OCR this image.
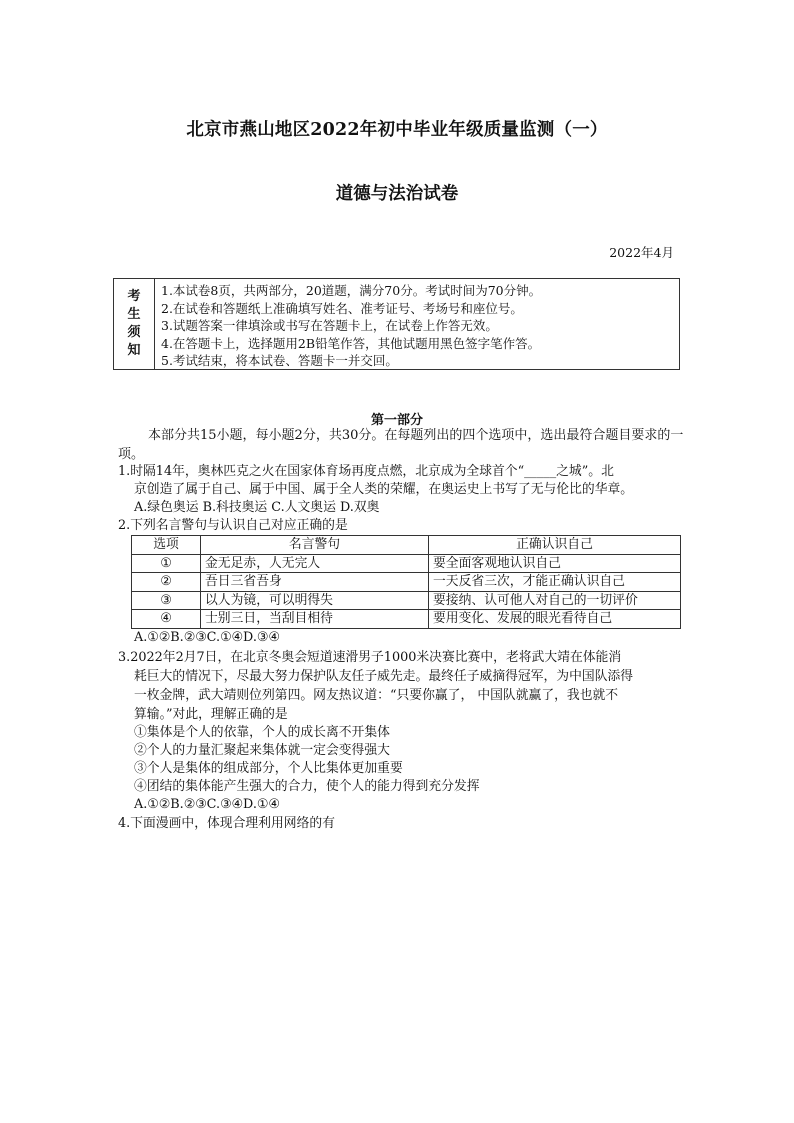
北京市燕山地区2022年初中毕业年级质量监测（一）
道德与法治试卷
2022年4月
考
生
须
知
1.本试卷8页，共两部分，20道题，满分70分。考试时间为70分钟。
2.在试卷和答题纸上准确填写姓名、准考证号、考场号和座位号。
3.试题答案一律填涂或书写在答题卡上，在试卷上作答无效。
4.在答题卡上，选择题用2B铅笔作答，其他试题用黑色签字笔作答。
5.考试结束，将本试卷、答题卡一并交回。
第一部分
本部分共15小题，每小题2分，共30分。在每题列出的四个选项中，选出最符合题目要求的一项。
1.时隔14年，奥林匹克之火在国家体育场再度点燃，北京成为全球首个“_____之城”。北
京创造了属于自己、属于中国、属于全人类的荣耀，在奥运史上书写了无与伦比的华章。
A.绿色奥运 B.科技奥运 C.人文奥运 D.双奥
2.下列名言警句与认识自己对应正确的是
选项	名言警句	正确认识自己
①	金无足赤，人无完人	要全面客观地认识自己
②	吾日三省吾身	一天反省三次，才能正确认识自己
③	以人为镜，可以明得失	要接纳、认可他人对自己的一切评价
④	士别三日，当刮目相待	要用变化、发展的眼光看待自己
A.①②B.②③C.①④D.③④
3.2022年2月7日，在北京冬奥会短道速滑男子1000米决赛比赛中，老将武大靖在体能消
耗巨大的情况下，尽最大努力保护队友任子威先走。最终任子威摘得冠军，为中国队添得
一枚金牌，武大靖则位列第四。网友热议道：“只要你赢了， 中国队就赢了，我也就不
算输。”对此，理解正确的是
①集体是个人的依靠，个人的成长离不开集体
②个人的力量汇聚起来集体就一定会变得强大
③个人是集体的组成部分，个人比集体更加重要
④团结的集体能产生强大的合力，使个人的能力得到充分发挥
A.①②B.②③C.③④D.①④
4.下面漫画中，体现合理利用网络的有
